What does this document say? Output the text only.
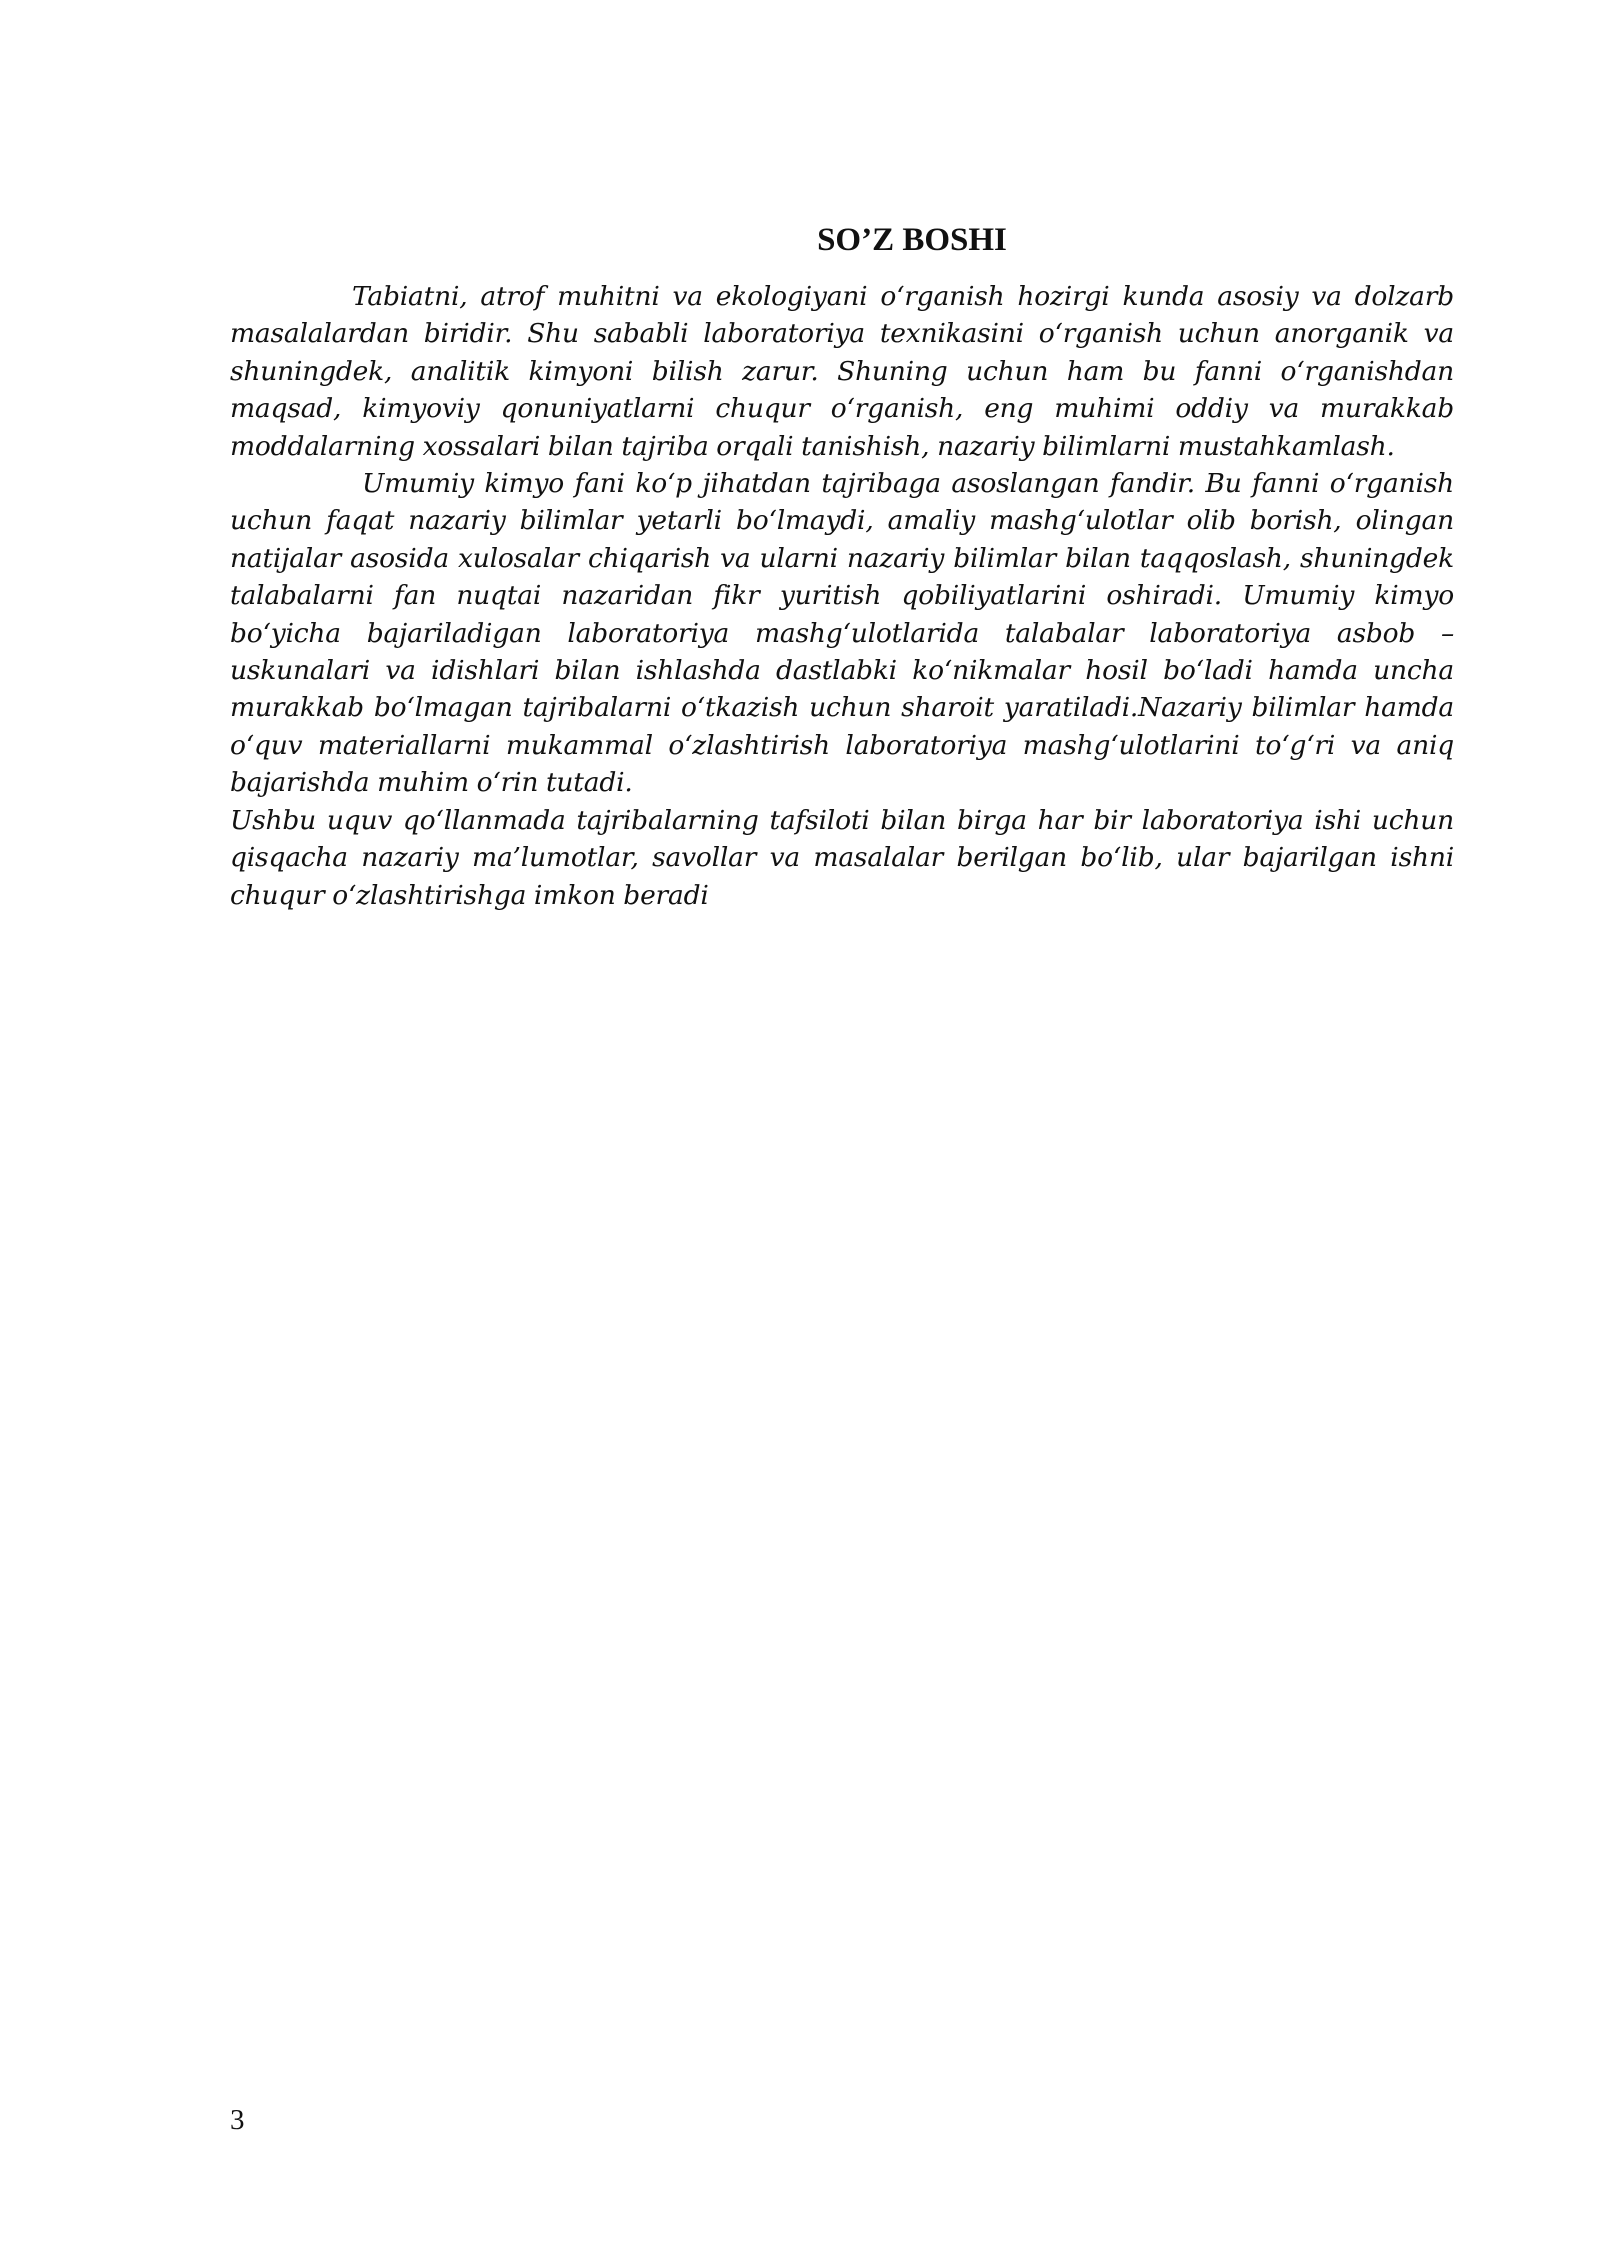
SO’Z BOSHI

Tabiatni, atrof muhitni va ekologiyani o‘rganish hozirgi kunda asosiy va dolzarb masalalardan biridir. Shu sababli laboratoriya texnikasini o‘rganish uchun anorganik va shuningdek, analitik kimyoni bilish zarur. Shuning uchun ham bu fanni o‘rganishdan maqsad, kimyoviy qonuniyatlarni chuqur o‘rganish, eng muhimi oddiy va murakkab moddalarning xossalari bilan tajriba orqali tanishish, nazariy bilimlarni mustahkamlash.

Umumiy kimyo fani ko‘p jihatdan tajribaga asoslangan fandir. Bu fanni o‘rganish uchun faqat nazariy bilimlar yetarli bo‘lmaydi, amaliy mashg‘ulotlar olib borish, olingan natijalar asosida xulosalar chiqarish va ularni nazariy bilimlar bilan taqqoslash, shuningdek talabalarni fan nuqtai nazaridan fikr yuritish qobiliyatlarini oshiradi. Umumiy kimyo bo‘yicha bajariladigan laboratoriya mashg‘ulotlarida talabalar laboratoriya asbob – uskunalari va idishlari bilan ishlashda dastlabki ko‘nikmalar hosil bo‘ladi hamda uncha murakkab bo‘lmagan tajribalarni o‘tkazish uchun sharoit yaratiladi.Nazariy bilimlar hamda o‘quv materiallarni mukammal o‘zlashtirish laboratoriya mashg‘ulotlarini to‘g‘ri va aniq bajarishda muhim o‘rin tutadi.

Ushbu uquv qo‘llanmada tajribalarning tafsiloti bilan birga har bir laboratoriya ishi uchun qisqacha nazariy ma’lumotlar, savollar va masalalar berilgan bo‘lib, ular bajarilgan ishni chuqur o‘zlashtirishga imkon beradi

3
